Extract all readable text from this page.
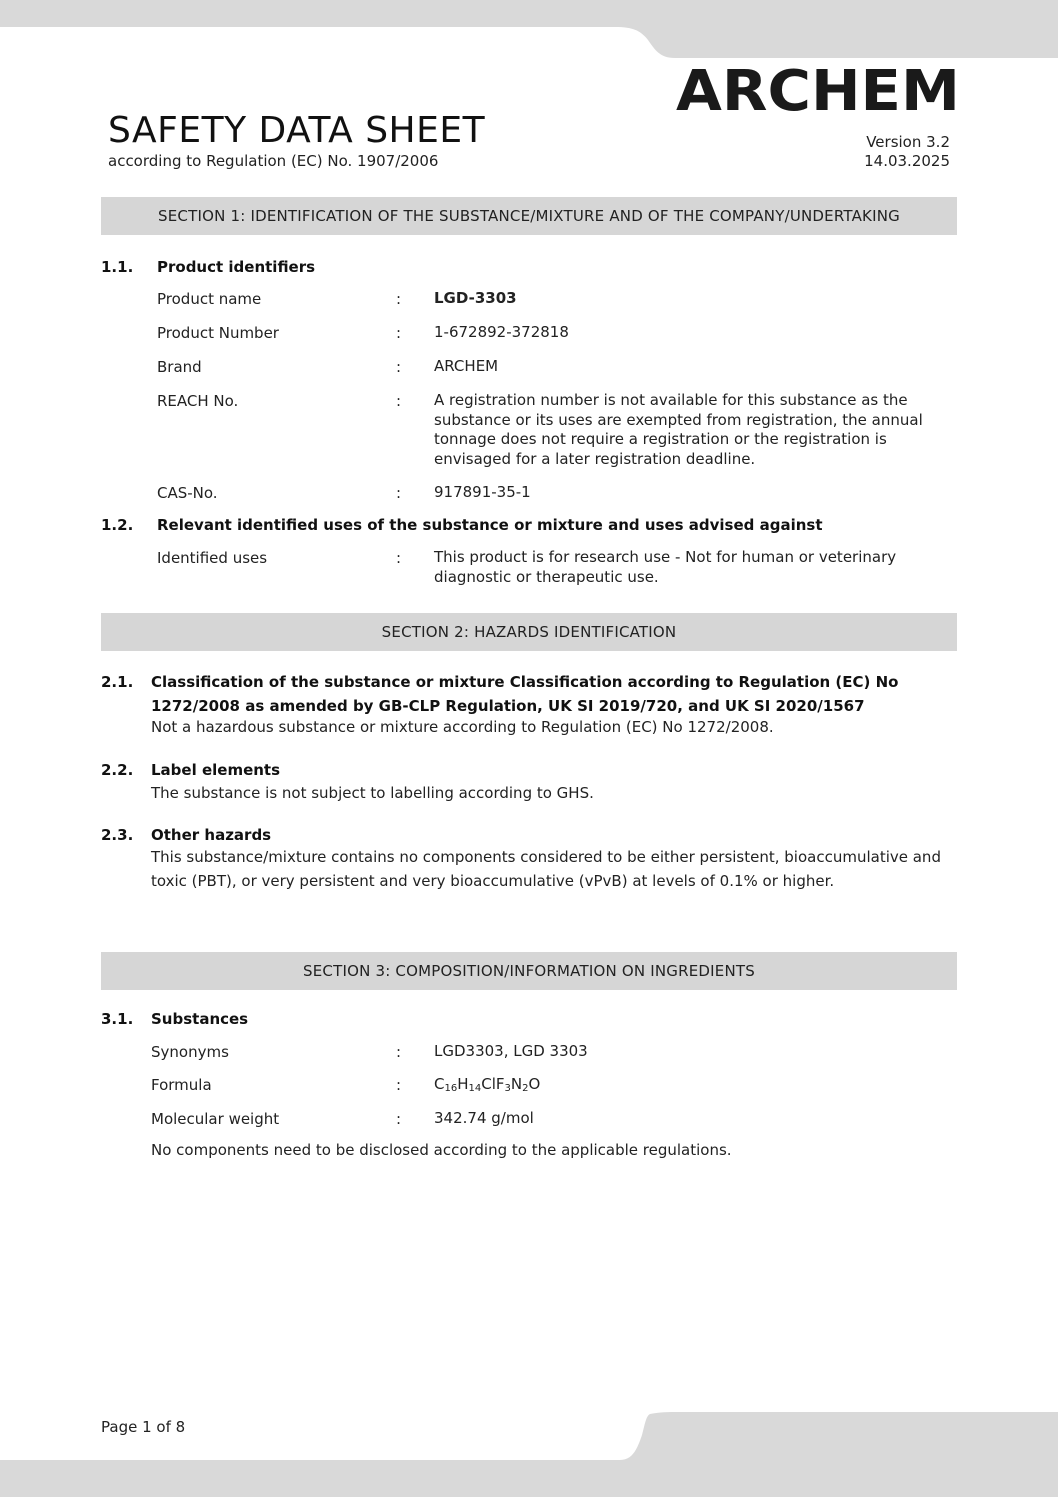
ARCHEM
SAFETY DATA SHEET
according to Regulation (EC) No. 1907/2006
Version 3.2
14.03.2025
SECTION 1: IDENTIFICATION OF THE SUBSTANCE/MIXTURE AND OF THE COMPANY/UNDERTAKING
1.1. Product identifiers
Product name	: LGD-3303
Product Number	: 1-672892-372818
Brand	: ARCHEM
REACH No.	: A registration number is not available for this substance as the substance or its uses are exempted from registration, the annual tonnage does not require a registration or the registration is envisaged for a later registration deadline.
CAS-No.	: 917891-35-1
1.2. Relevant identified uses of the substance or mixture and uses advised against
Identified uses	: This product is for research use - Not for human or veterinary diagnostic or therapeutic use.
SECTION 2: HAZARDS IDENTIFICATION
2.1. Classification of the substance or mixture Classification according to Regulation (EC) No 1272/2008 as amended by GB-CLP Regulation, UK SI 2019/720, and UK SI 2020/1567
Not a hazardous substance or mixture according to Regulation (EC) No 1272/2008.
2.2. Label elements
The substance is not subject to labelling according to GHS.
2.3. Other hazards
This substance/mixture contains no components considered to be either persistent, bioaccumulative and toxic (PBT), or very persistent and very bioaccumulative (vPvB) at levels of 0.1% or higher.
SECTION 3: COMPOSITION/INFORMATION ON INGREDIENTS
3.1. Substances
Synonyms	: LGD3303, LGD 3303
Formula	: $C_{16}H_{14}ClF_3N_2O$
Molecular weight	: 342.74 g/mol
No components need to be disclosed according to the applicable regulations.
Page 1 of 8
